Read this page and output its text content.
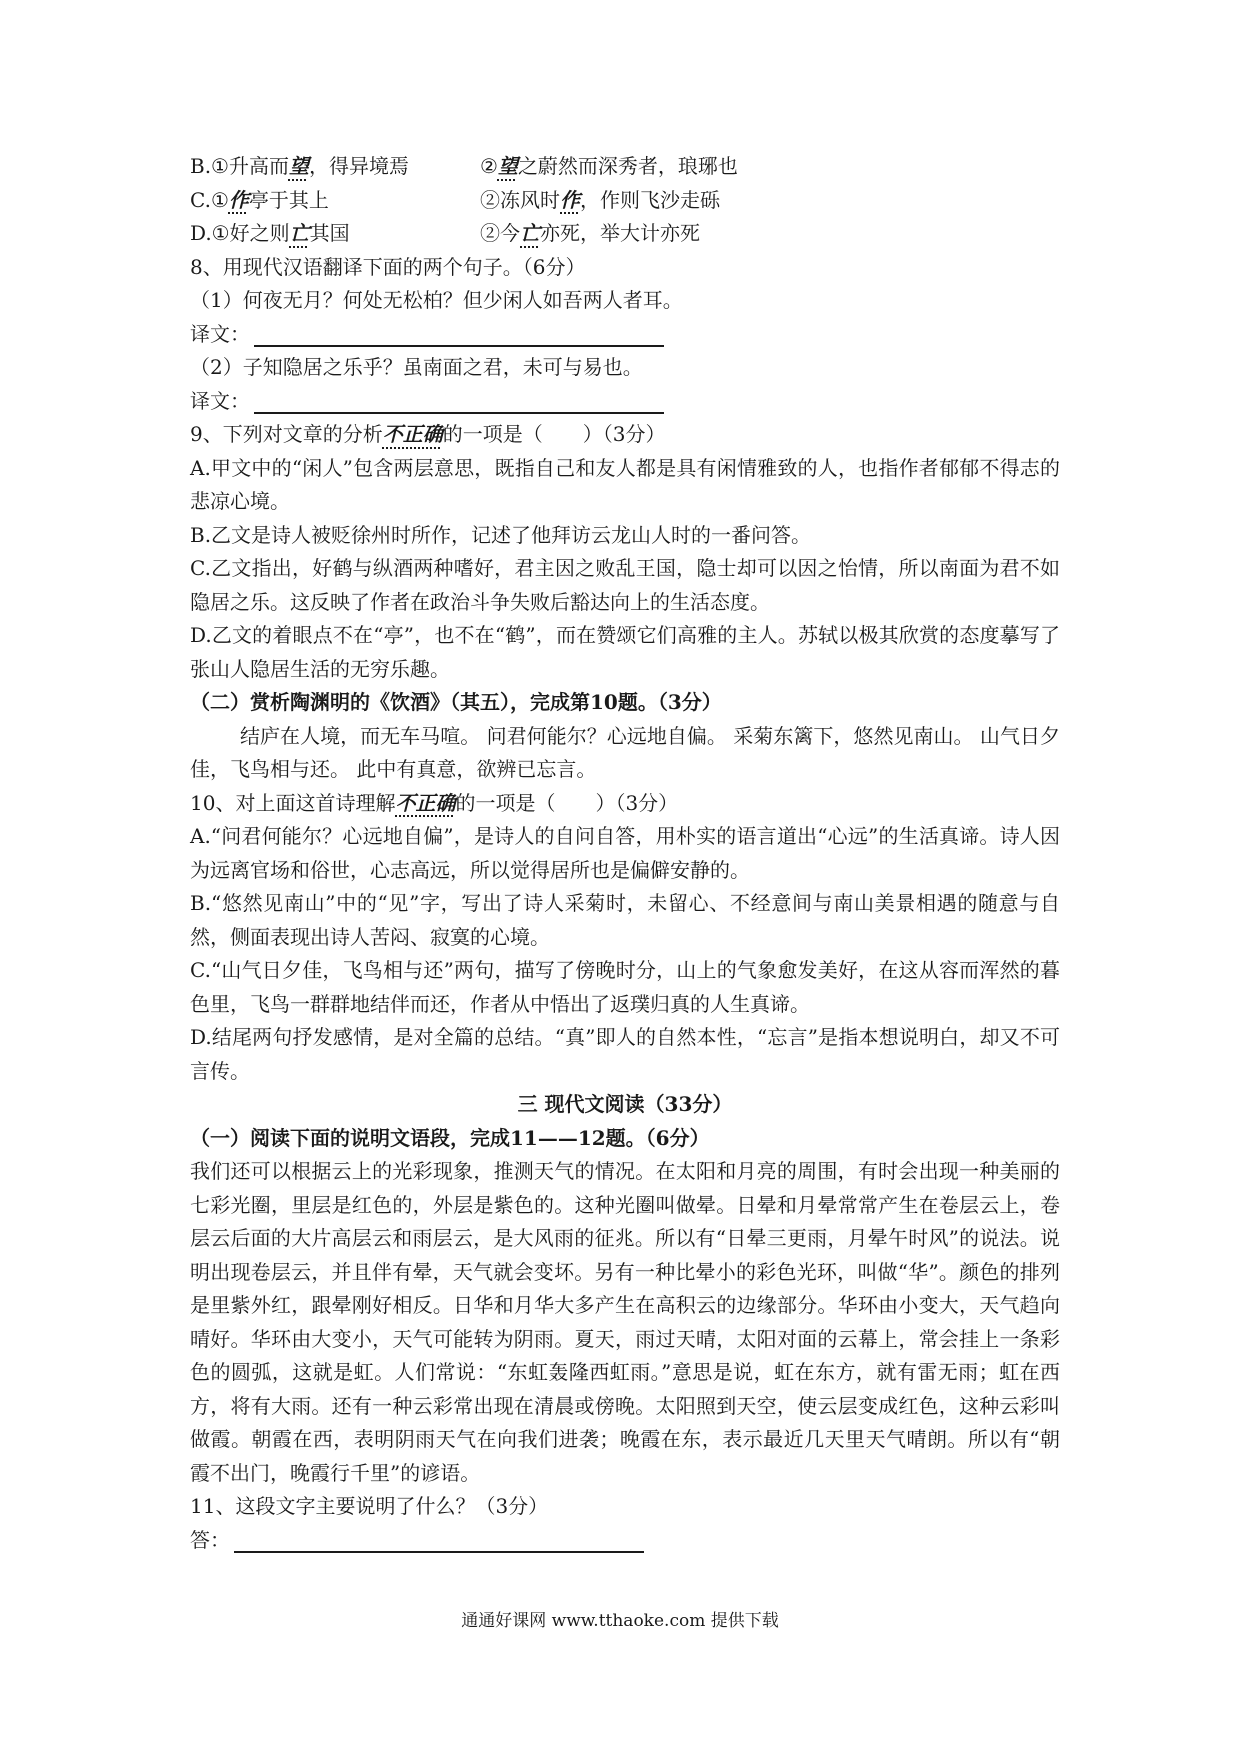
B.①升高而望，得异境焉	②望之蔚然而深秀者，琅琊也
C.①作亭于其上	②冻风时作，作则飞沙走砾
D.①好之则亡其国	②今亡亦死，举大计亦死
8、用现代汉语翻译下面的两个句子。（6分）
（1）何夜无月？何处无松柏？但少闲人如吾两人者耳。
译文：
（2）子知隐居之乐乎？虽南面之君，未可与易也。
译文：
9、下列对文章的分析不正确的一项是（　　）（3分）
A.甲文中的“闲人”包含两层意思，既指自己和友人都是具有闲情雅致的人，也指作者郁郁不得志的悲凉心境。
B.乙文是诗人被贬徐州时所作，记述了他拜访云龙山人时的一番问答。
C.乙文指出，好鹤与纵酒两种嗜好，君主因之败乱王国，隐士却可以因之怡情，所以南面为君不如隐居之乐。这反映了作者在政治斗争失败后豁达向上的生活态度。
D.乙文的着眼点不在“亭”，也不在“鹤”，而在赞颂它们高雅的主人。苏轼以极其欣赏的态度摹写了张山人隐居生活的无穷乐趣。
（二）赏析陶渊明的《饮酒》（其五），完成第10题。（3分）
结庐在人境，而无车马喧。 问君何能尔？心远地自偏。 采菊东篱下，悠然见南山。 山气日夕佳，飞鸟相与还。 此中有真意，欲辨已忘言。
10、对上面这首诗理解不正确的一项是（　　）（3分）
A.“问君何能尔？心远地自偏”，是诗人的自问自答，用朴实的语言道出“心远”的生活真谛。诗人因为远离官场和俗世，心志高远，所以觉得居所也是偏僻安静的。
B.“悠然见南山”中的“见”字，写出了诗人采菊时，未留心、不经意间与南山美景相遇的随意与自然，侧面表现出诗人苦闷、寂寞的心境。
C.“山气日夕佳，飞鸟相与还”两句，描写了傍晚时分，山上的气象愈发美好，在这从容而浑然的暮色里，飞鸟一群群地结伴而还，作者从中悟出了返璞归真的人生真谛。
D.结尾两句抒发感情，是对全篇的总结。“真”即人的自然本性，“忘言”是指本想说明白，却又不可言传。
三 现代文阅读（33分）
（一）阅读下面的说明文语段，完成11——12题。（6分）
我们还可以根据云上的光彩现象，推测天气的情况。在太阳和月亮的周围，有时会出现一种美丽的七彩光圈，里层是红色的，外层是紫色的。这种光圈叫做晕。日晕和月晕常常产生在卷层云上，卷层云后面的大片高层云和雨层云，是大风雨的征兆。所以有“日晕三更雨，月晕午时风”的说法。说明出现卷层云，并且伴有晕，天气就会变坏。另有一种比晕小的彩色光环，叫做“华”。颜色的排列是里紫外红，跟晕刚好相反。日华和月华大多产生在高积云的边缘部分。华环由小变大，天气趋向晴好。华环由大变小，天气可能转为阴雨。夏天，雨过天晴，太阳对面的云幕上，常会挂上一条彩色的圆弧，这就是虹。人们常说：“东虹轰隆西虹雨。”意思是说，虹在东方，就有雷无雨；虹在西方，将有大雨。还有一种云彩常出现在清晨或傍晚。太阳照到天空，使云层变成红色，这种云彩叫做霞。朝霞在西，表明阴雨天气在向我们进袭；晚霞在东，表示最近几天里天气晴朗。所以有“朝霞不出门，晚霞行千里”的谚语。
11、这段文字主要说明了什么？（3分）
答：
通通好课网 www.tthaoke.com 提供下载
